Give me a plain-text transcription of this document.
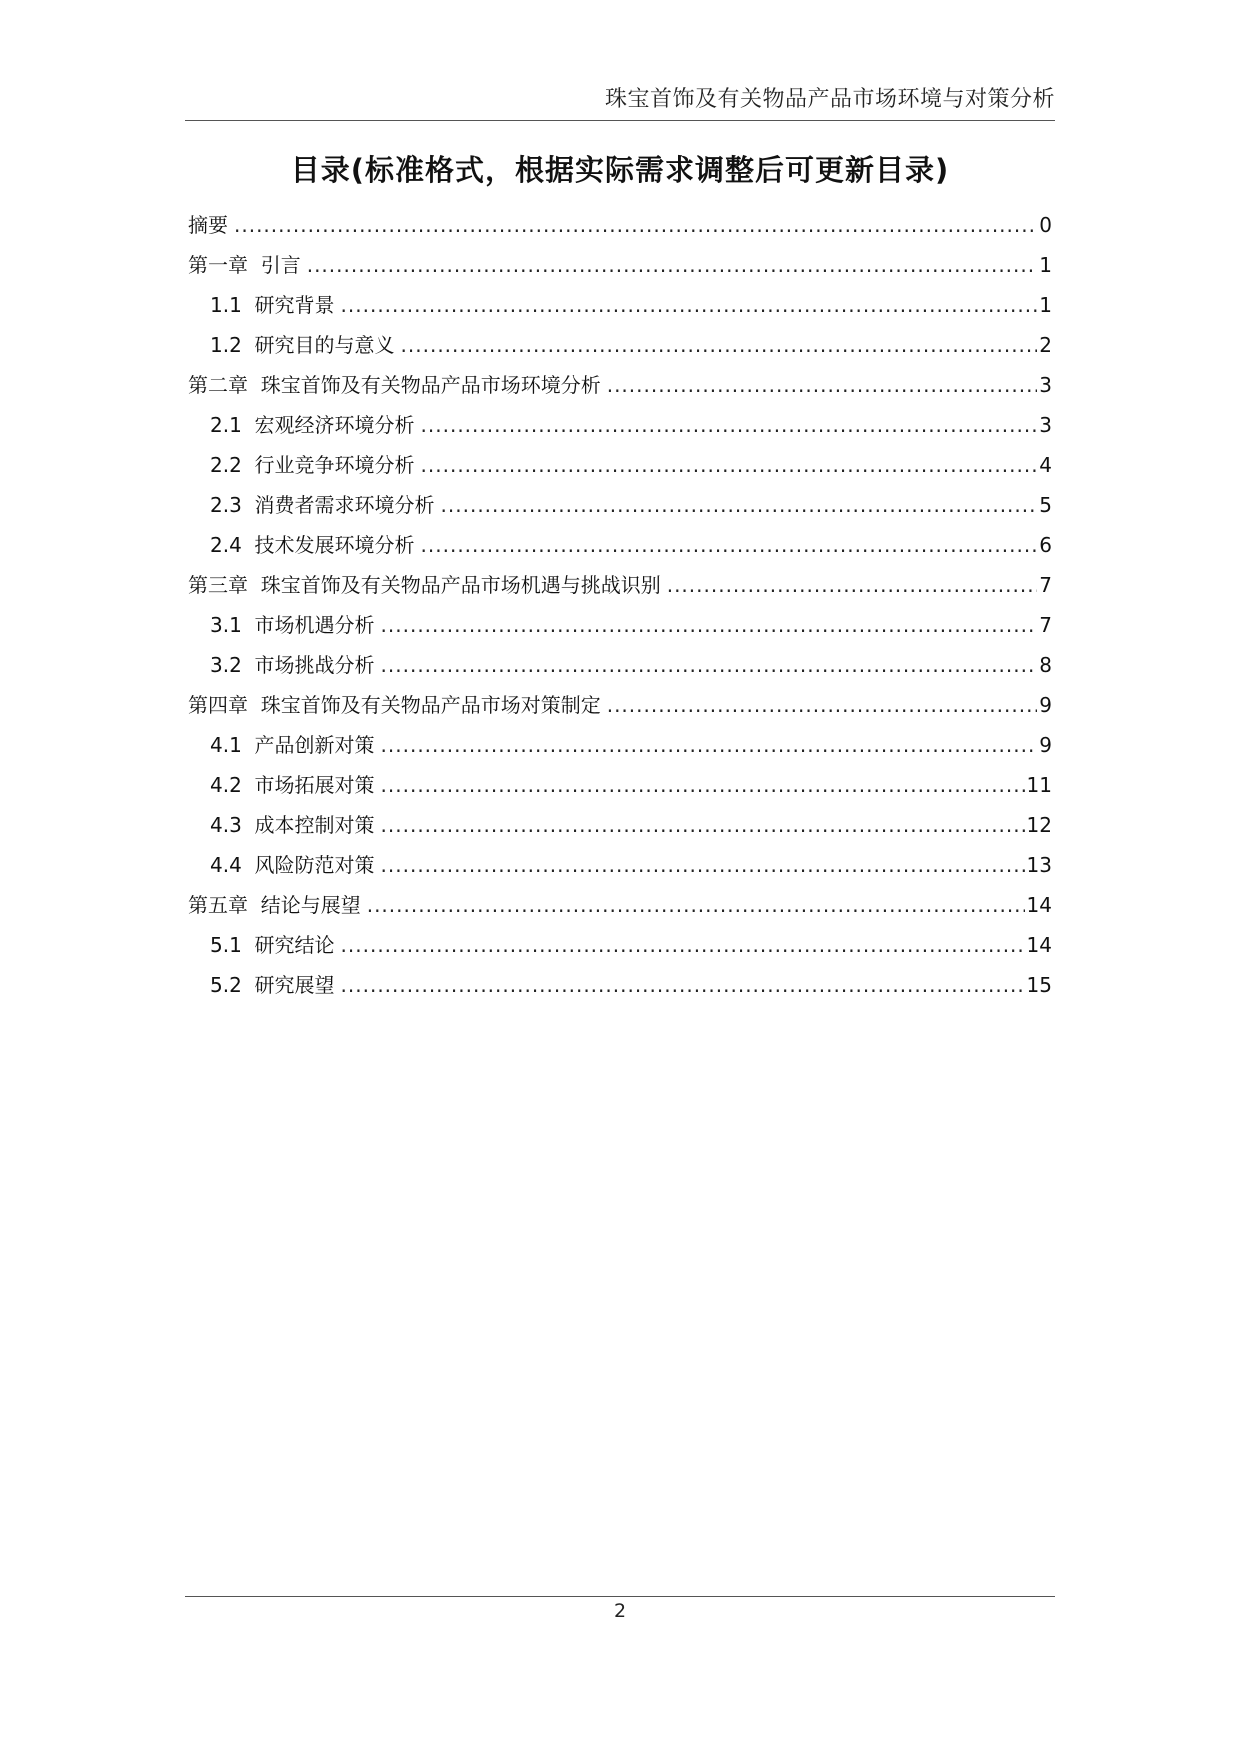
珠宝首饰及有关物品产品市场环境与对策分析
目录(标准格式，根据实际需求调整后可更新目录)
摘要 .....	0
第一章  引言 .....	1
1.1  研究背景 .....	1
1.2  研究目的与意义 .....	2
第二章  珠宝首饰及有关物品产品市场环境分析 .....	3
2.1  宏观经济环境分析 .....	3
2.2  行业竞争环境分析 .....	4
2.3  消费者需求环境分析 .....	5
2.4  技术发展环境分析 .....	6
第三章  珠宝首饰及有关物品产品市场机遇与挑战识别 .....	7
3.1  市场机遇分析 .....	7
3.2  市场挑战分析 .....	8
第四章  珠宝首饰及有关物品产品市场对策制定 .....	9
4.1  产品创新对策 .....	9
4.2  市场拓展对策 .....	11
4.3  成本控制对策 .....	12
4.4  风险防范对策 .....	13
第五章  结论与展望 .....	14
5.1  研究结论 .....	14
5.2  研究展望 .....	15
2
